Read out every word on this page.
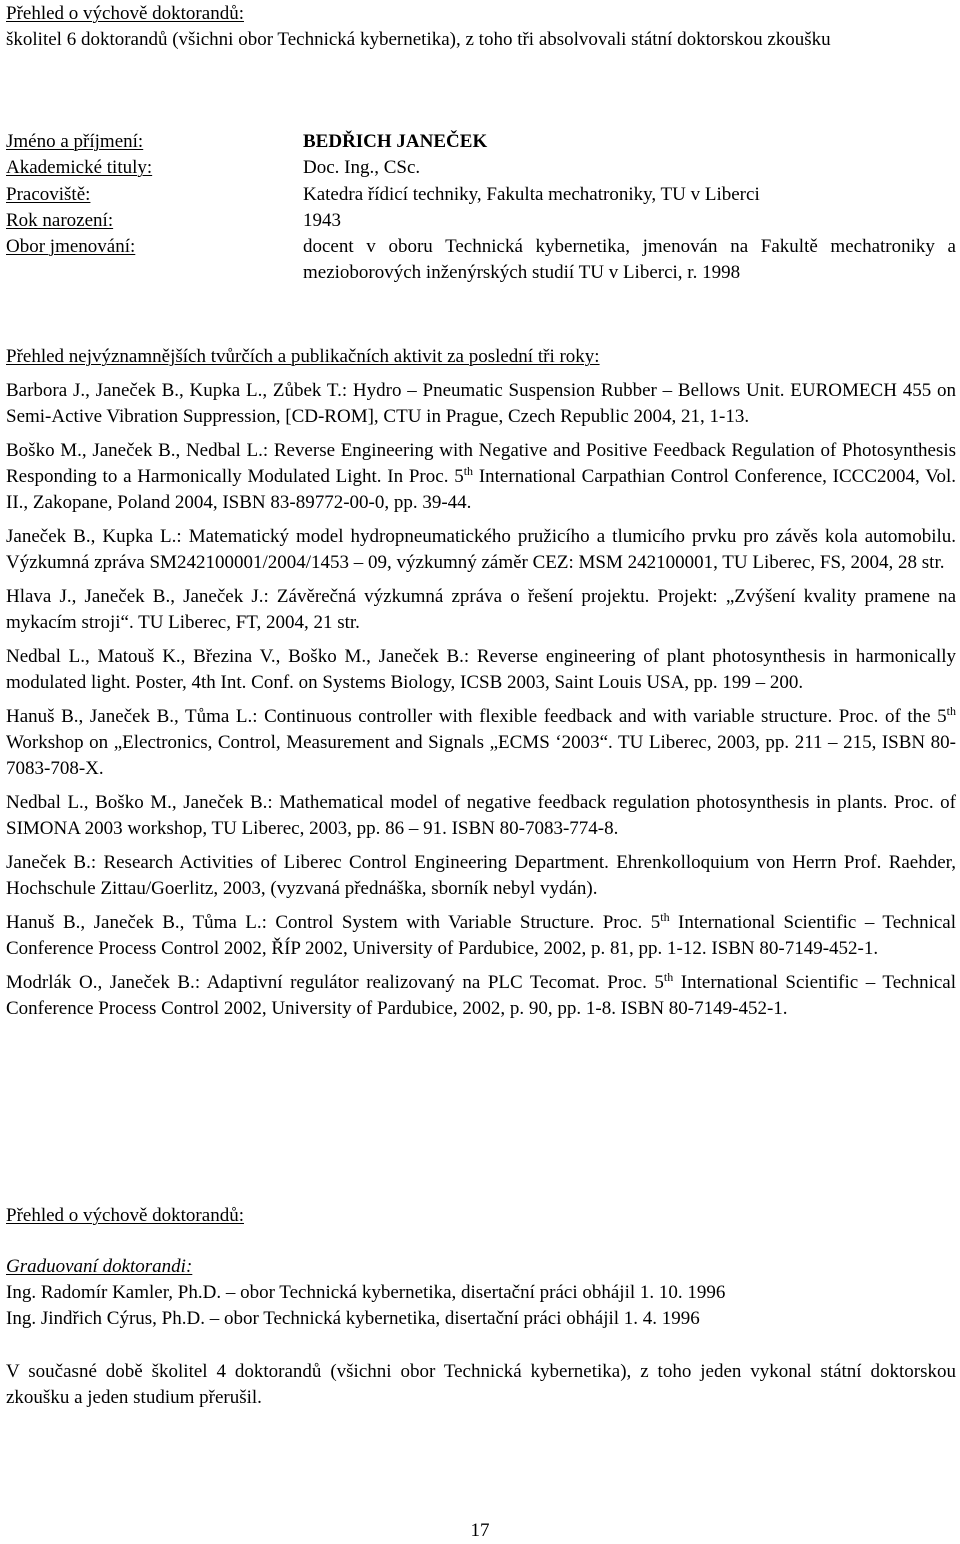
Přehled o výchově doktorandů:
školitel 6 doktorandů (všichni obor Technická kybernetika), z toho tři absolvovali státní doktorskou zkoušku
Jméno a příjmení:	BEDŘICH JANEČEK
Akademické tituly:	Doc. Ing., CSc.
Pracoviště:	Katedra řídicí techniky, Fakulta mechatroniky, TU v Liberci
Rok narození:	1943
Obor jmenování:	docent v oboru Technická kybernetika, jmenován na Fakultě mechatroniky a mezioborových inženýrských studií TU v Liberci, r. 1998
Přehled nejvýznamnějších tvůrčích a publikačních aktivit za poslední tři roky:

Barbora J., Janeček B., Kupka L., Zůbek T.: Hydro – Pneumatic Suspension Rubber – Bellows Unit. EUROMECH 455 on Semi-Active Vibration Suppression, [CD-ROM], CTU in Prague, Czech Republic 2004, 21, 1-13.

Boško M., Janeček B., Nedbal L.: Reverse Engineering with Negative and Positive Feedback Regulation of Photosynthesis Responding to a Harmonically Modulated Light. In Proc. 5th International Carpathian Control Conference, ICCC2004, Vol. II., Zakopane, Poland 2004, ISBN 83-89772-00-0, pp. 39-44.

Janeček B., Kupka L.: Matematický model hydropneumatického pružicího a tlumicího prvku pro závěs kola automobilu. Výzkumná zpráva SM242100001/2004/1453 – 09, výzkumný záměr CEZ: MSM 242100001, TU Liberec, FS, 2004, 28 str.

Hlava J., Janeček B., Janeček J.: Závěrečná výzkumná zpráva o řešení projektu. Projekt: „Zvýšení kvality pramene na mykacím stroji“. TU Liberec, FT, 2004, 21 str.

Nedbal L., Matouš K., Březina V., Boško M., Janeček B.: Reverse engineering of plant photosynthesis in harmonically modulated light. Poster, 4th Int. Conf. on Systems Biology, ICSB 2003, Saint Louis USA, pp. 199 – 200.

Hanuš B., Janeček B., Tůma L.: Continuous controller with flexible feedback and with variable structure. Proc. of the 5th Workshop on „Electronics, Control, Measurement and Signals „ECMS ‘2003“. TU Liberec, 2003, pp. 211 – 215, ISBN 80-7083-708-X.

Nedbal L., Boško M., Janeček B.: Mathematical model of negative feedback regulation photosynthesis in plants. Proc. of SIMONA 2003 workshop, TU Liberec, 2003, pp. 86 – 91. ISBN 80-7083-774-8.

Janeček B.: Research Activities of Liberec Control Engineering Department. Ehrenkolloquium von Herrn Prof. Raehder, Hochschule Zittau/Goerlitz, 2003, (vyzvaná přednáška, sborník nebyl vydán).

Hanuš B., Janeček B., Tůma L.: Control System with Variable Structure. Proc. 5th International Scientific – Technical Conference Process Control 2002, ŘÍP 2002, University of Pardubice, 2002, p. 81, pp. 1-12. ISBN 80-7149-452-1.

Modrlák O., Janeček B.: Adaptivní regulátor realizovaný na PLC Tecomat. Proc. 5th International Scientific – Technical Conference Process Control 2002, University of Pardubice, 2002, p. 90, pp. 1-8. ISBN 80-7149-452-1.

Přehled o výchově doktorandů:
Graduovaní doktorandi:
Ing. Radomír Kamler, Ph.D. – obor Technická kybernetika, disertační práci obhájil 1. 10. 1996
Ing. Jindřich Cýrus, Ph.D. – obor Technická kybernetika, disertační práci obhájil 1. 4. 1996
V současné době školitel 4 doktorandů (všichni obor Technická kybernetika), z toho jeden vykonal státní doktorskou zkoušku a jeden studium přerušil.
17
